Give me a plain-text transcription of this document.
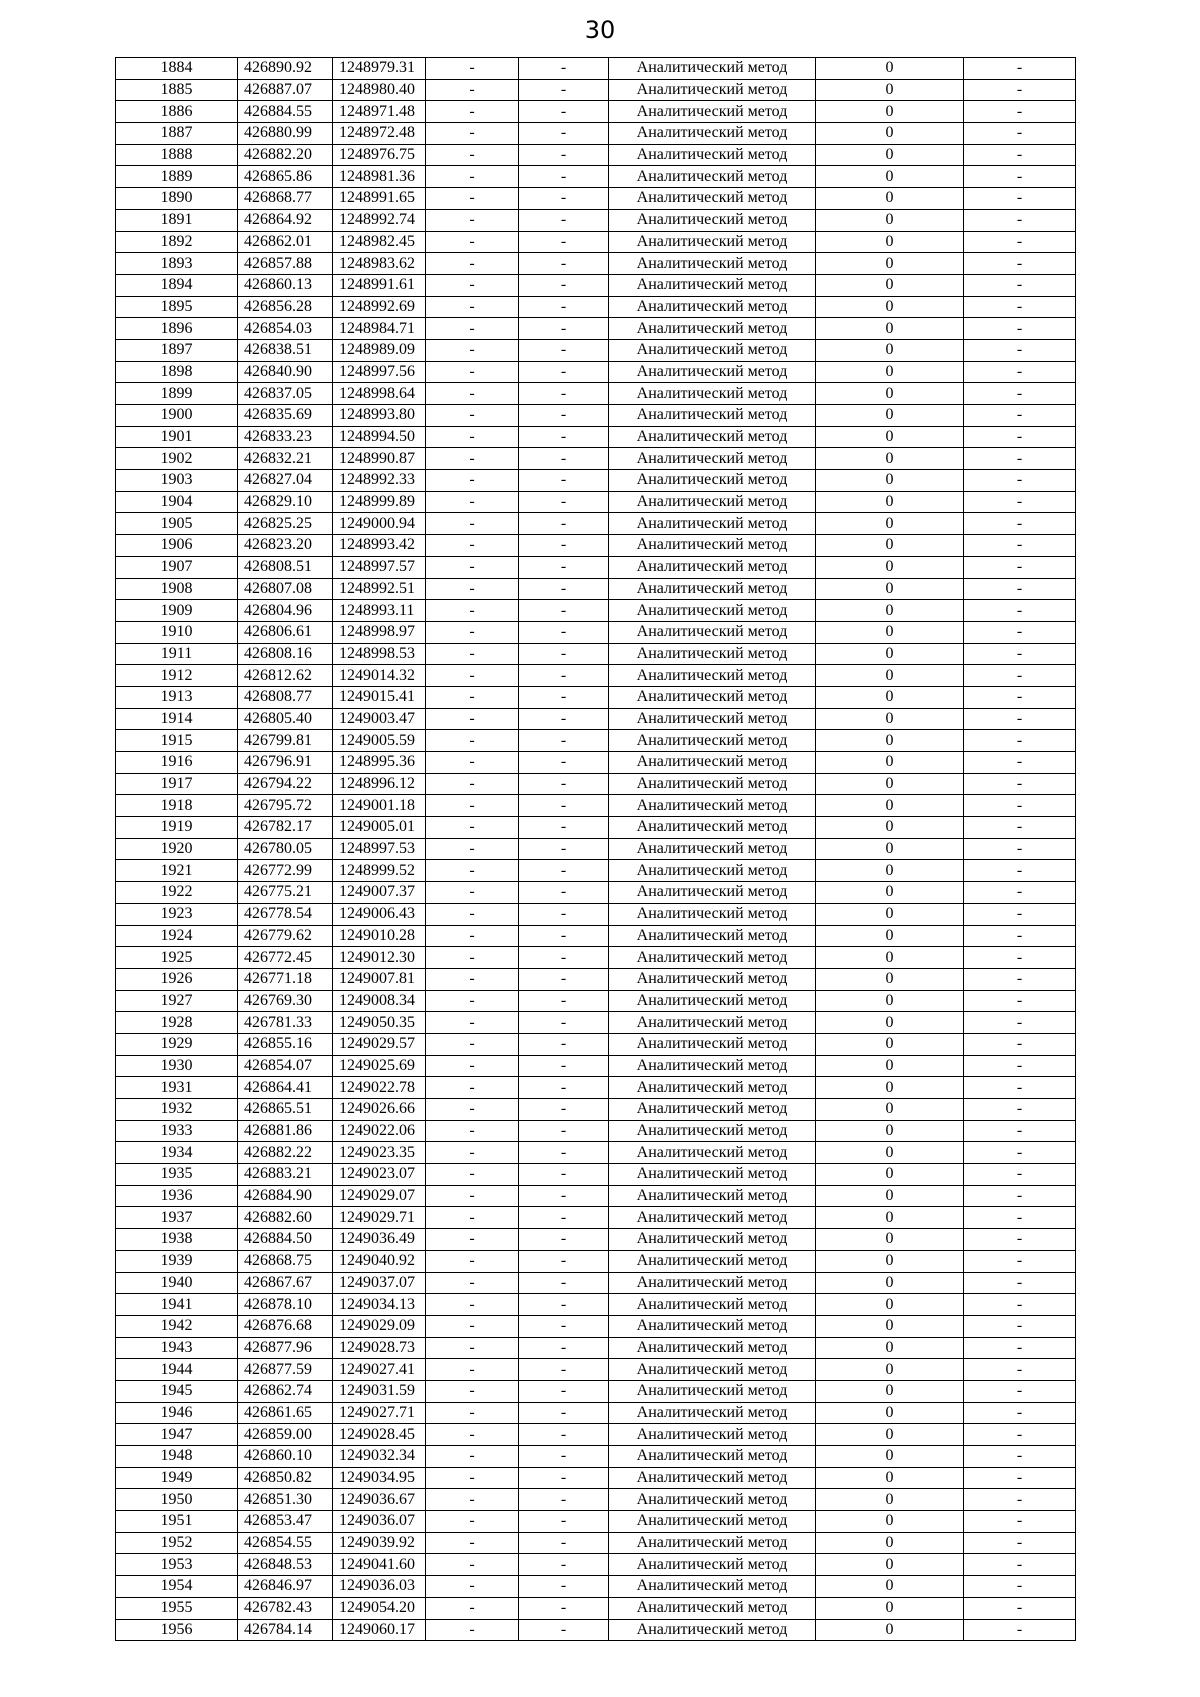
30
1884	426890.92	1248979.31	-	-	Аналитический метод	0	-
1885	426887.07	1248980.40	-	-	Аналитический метод	0	-
1886	426884.55	1248971.48	-	-	Аналитический метод	0	-
1887	426880.99	1248972.48	-	-	Аналитический метод	0	-
1888	426882.20	1248976.75	-	-	Аналитический метод	0	-
1889	426865.86	1248981.36	-	-	Аналитический метод	0	-
1890	426868.77	1248991.65	-	-	Аналитический метод	0	-
1891	426864.92	1248992.74	-	-	Аналитический метод	0	-
1892	426862.01	1248982.45	-	-	Аналитический метод	0	-
1893	426857.88	1248983.62	-	-	Аналитический метод	0	-
1894	426860.13	1248991.61	-	-	Аналитический метод	0	-
1895	426856.28	1248992.69	-	-	Аналитический метод	0	-
1896	426854.03	1248984.71	-	-	Аналитический метод	0	-
1897	426838.51	1248989.09	-	-	Аналитический метод	0	-
1898	426840.90	1248997.56	-	-	Аналитический метод	0	-
1899	426837.05	1248998.64	-	-	Аналитический метод	0	-
1900	426835.69	1248993.80	-	-	Аналитический метод	0	-
1901	426833.23	1248994.50	-	-	Аналитический метод	0	-
1902	426832.21	1248990.87	-	-	Аналитический метод	0	-
1903	426827.04	1248992.33	-	-	Аналитический метод	0	-
1904	426829.10	1248999.89	-	-	Аналитический метод	0	-
1905	426825.25	1249000.94	-	-	Аналитический метод	0	-
1906	426823.20	1248993.42	-	-	Аналитический метод	0	-
1907	426808.51	1248997.57	-	-	Аналитический метод	0	-
1908	426807.08	1248992.51	-	-	Аналитический метод	0	-
1909	426804.96	1248993.11	-	-	Аналитический метод	0	-
1910	426806.61	1248998.97	-	-	Аналитический метод	0	-
1911	426808.16	1248998.53	-	-	Аналитический метод	0	-
1912	426812.62	1249014.32	-	-	Аналитический метод	0	-
1913	426808.77	1249015.41	-	-	Аналитический метод	0	-
1914	426805.40	1249003.47	-	-	Аналитический метод	0	-
1915	426799.81	1249005.59	-	-	Аналитический метод	0	-
1916	426796.91	1248995.36	-	-	Аналитический метод	0	-
1917	426794.22	1248996.12	-	-	Аналитический метод	0	-
1918	426795.72	1249001.18	-	-	Аналитический метод	0	-
1919	426782.17	1249005.01	-	-	Аналитический метод	0	-
1920	426780.05	1248997.53	-	-	Аналитический метод	0	-
1921	426772.99	1248999.52	-	-	Аналитический метод	0	-
1922	426775.21	1249007.37	-	-	Аналитический метод	0	-
1923	426778.54	1249006.43	-	-	Аналитический метод	0	-
1924	426779.62	1249010.28	-	-	Аналитический метод	0	-
1925	426772.45	1249012.30	-	-	Аналитический метод	0	-
1926	426771.18	1249007.81	-	-	Аналитический метод	0	-
1927	426769.30	1249008.34	-	-	Аналитический метод	0	-
1928	426781.33	1249050.35	-	-	Аналитический метод	0	-
1929	426855.16	1249029.57	-	-	Аналитический метод	0	-
1930	426854.07	1249025.69	-	-	Аналитический метод	0	-
1931	426864.41	1249022.78	-	-	Аналитический метод	0	-
1932	426865.51	1249026.66	-	-	Аналитический метод	0	-
1933	426881.86	1249022.06	-	-	Аналитический метод	0	-
1934	426882.22	1249023.35	-	-	Аналитический метод	0	-
1935	426883.21	1249023.07	-	-	Аналитический метод	0	-
1936	426884.90	1249029.07	-	-	Аналитический метод	0	-
1937	426882.60	1249029.71	-	-	Аналитический метод	0	-
1938	426884.50	1249036.49	-	-	Аналитический метод	0	-
1939	426868.75	1249040.92	-	-	Аналитический метод	0	-
1940	426867.67	1249037.07	-	-	Аналитический метод	0	-
1941	426878.10	1249034.13	-	-	Аналитический метод	0	-
1942	426876.68	1249029.09	-	-	Аналитический метод	0	-
1943	426877.96	1249028.73	-	-	Аналитический метод	0	-
1944	426877.59	1249027.41	-	-	Аналитический метод	0	-
1945	426862.74	1249031.59	-	-	Аналитический метод	0	-
1946	426861.65	1249027.71	-	-	Аналитический метод	0	-
1947	426859.00	1249028.45	-	-	Аналитический метод	0	-
1948	426860.10	1249032.34	-	-	Аналитический метод	0	-
1949	426850.82	1249034.95	-	-	Аналитический метод	0	-
1950	426851.30	1249036.67	-	-	Аналитический метод	0	-
1951	426853.47	1249036.07	-	-	Аналитический метод	0	-
1952	426854.55	1249039.92	-	-	Аналитический метод	0	-
1953	426848.53	1249041.60	-	-	Аналитический метод	0	-
1954	426846.97	1249036.03	-	-	Аналитический метод	0	-
1955	426782.43	1249054.20	-	-	Аналитический метод	0	-
1956	426784.14	1249060.17	-	-	Аналитический метод	0	-
